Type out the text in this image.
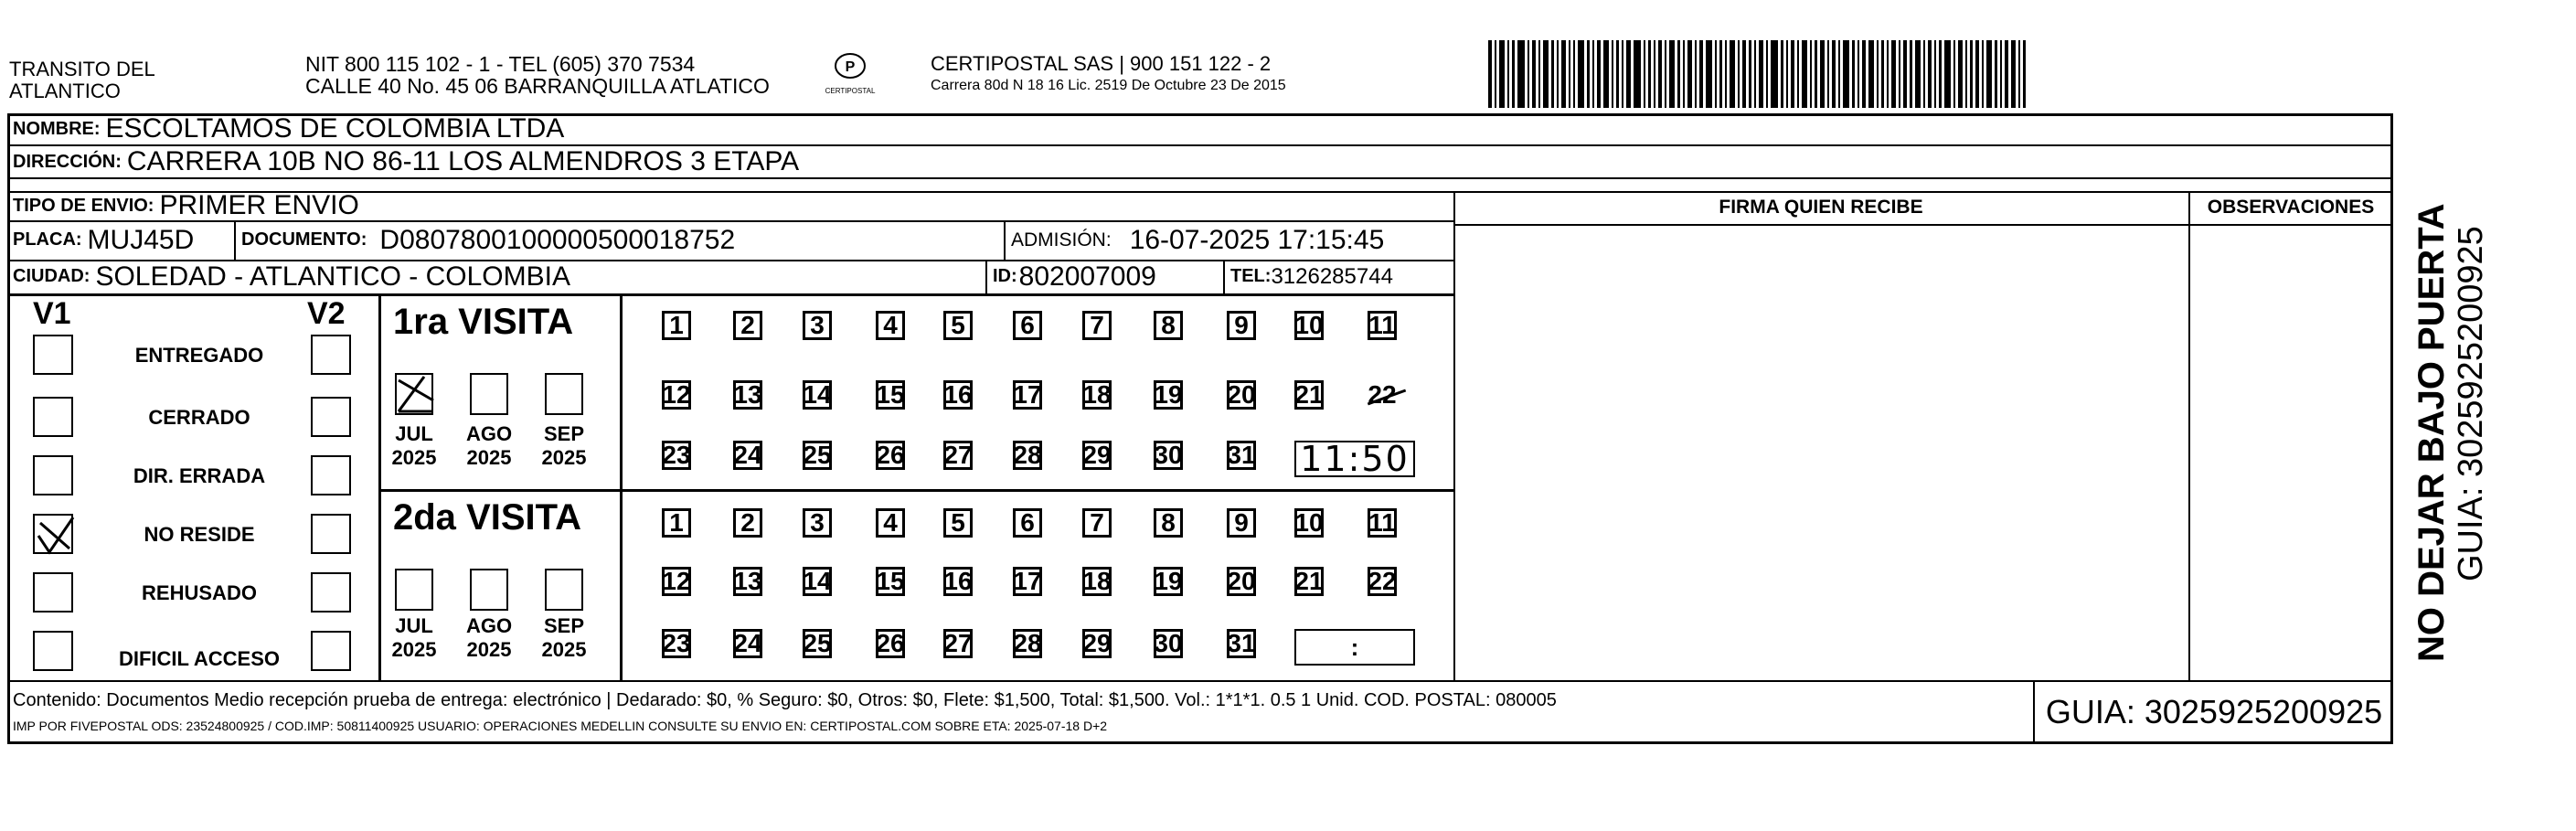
TRANSITO DEL
ATLANTICO
NIT 800 115 102 - 1 - TEL (605) 370 7534
CALLE 40 No. 45 06 BARRANQUILLA ATLATICO
P
CERTIPOSTAL
CERTIPOSTAL SAS | 900 151 122 - 2
Carrera 80d N 18 16 Lic. 2519 De Octubre 23 De 2015
NOMBRE: ESCOLTAMOS DE COLOMBIA LTDA
DIRECCIÓN: CARRERA 10B NO 86-11 LOS ALMENDROS 3 ETAPA
TIPO DE ENVIO: PRIMER ENVIO	FIRMA QUIEN RECIBE	OBSERVACIONES
PLACA: MUJ45D	DOCUMENTO: D0807800100000500018752	ADMISIÓN: 16-07-2025 17:15:45
CIUDAD: SOLEDAD - ATLANTICO - COLOMBIA	ID: 802007009	TEL: 3126285744
V1	V2
ENTREGADO
CERRADO
DIR. ERRADA
NO RESIDE
REHUSADO
DIFICIL ACCESO
1ra VISITA
2da VISITA
JUL
2025
AGO
2025
SEP
2025
1 2 3 4 5 6 7 8 9 10 11
12 13 14 15 16 17 18 19 20 21 22
23 24 25 26 27 28 29 30 31 11:50
JUL
2025
AGO
2025
SEP
2025
1 2 3 4 5 6 7 8 9 10 11
12 13 14 15 16 17 18 19 20 21 22
23 24 25 26 27 28 29 30 31	:
Contenido: Documentos Medio recepción prueba de entrega: electrónico | Dedarado: $0, % Seguro: $0, Otros: $0, Flete: $1,500, Total: $1,500. Vol.: 1*1*1. 0.5 1 Unid. COD. POSTAL: 080005
IMP POR FIVEPOSTAL ODS: 23524800925 / COD.IMP: 50811400925 USUARIO: OPERACIONES MEDELLIN CONSULTE SU ENVIO EN: CERTIPOSTAL.COM SOBRE ETA: 2025-07-18 D+2	GUIA: 3025925200925
NO DEJAR BAJO PUERTA GUIA: 3025925200925
